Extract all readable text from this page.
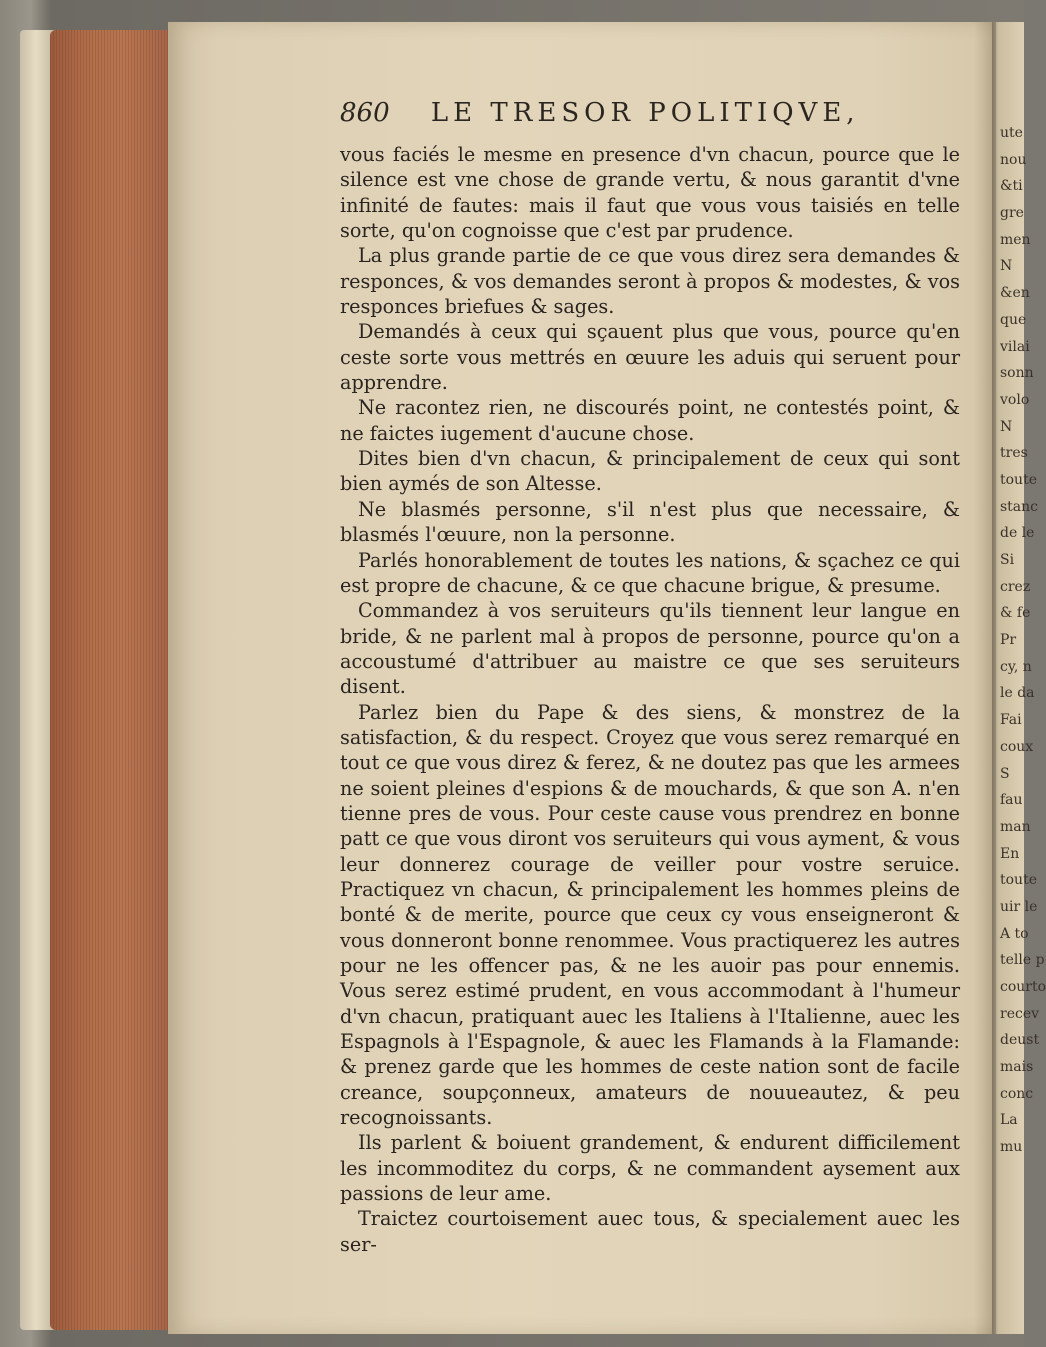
ute
nou
&ti
gre
men
N
&en
que
vilai
sonn
volo
N
tres
toute
stanc
de le
Si
crez
& fe
Pr
cy, n
le da
Fai
coux
S
fau
man
En
toute
uir le
A to
telle p
courto
recev
deust
mais
conc
La
mu
860 LE TRESOR POLITIQVE,

vous faciés le mesme en presence d'vn chacun, pource que le silence est vne chose de grande vertu, & nous garantit d'vne infinité de fautes: mais il faut que vous vous taisiés en telle sorte, qu'on cognoisse que c'est par prudence.

La plus grande partie de ce que vous direz sera demandes & responces, & vos demandes seront à propos & modestes, & vos responces briefues & sages.

Demandés à ceux qui sçauent plus que vous, pource qu'en ceste sorte vous mettrés en œuure les aduis qui seruent pour apprendre.

Ne racontez rien, ne discourés point, ne contestés point, & ne faictes iugement d'aucune chose.

Dites bien d'vn chacun, & principalement de ceux qui sont bien aymés de son Altesse.

Ne blasmés personne, s'il n'est plus que necessaire, & blasmés l'œuure, non la personne.

Parlés honorablement de toutes les nations, & sçachez ce qui est propre de chacune, & ce que chacune brigue, & presume.

Commandez à vos seruiteurs qu'ils tiennent leur langue en bride, & ne parlent mal à propos de personne, pource qu'on a accoustumé d'attribuer au maistre ce que ses seruiteurs disent.

Parlez bien du Pape & des siens, & monstrez de la satisfaction, & du respect. Croyez que vous serez remarqué en tout ce que vous direz & ferez, & ne doutez pas que les armees ne soient pleines d'espions & de mouchards, & que son A. n'en tienne pres de vous. Pour ceste cause vous prendrez en bonne patt ce que vous diront vos seruiteurs qui vous ayment, & vous leur donnerez courage de veiller pour vostre seruice. Practiquez vn chacun, & principalement les hommes pleins de bonté & de merite, pource que ceux cy vous enseigneront & vous donneront bonne renommee. Vous practiquerez les autres pour ne les offencer pas, & ne les auoir pas pour ennemis. Vous serez estimé prudent, en vous accommodant à l'humeur d'vn chacun, pratiquant auec les Italiens à l'Italienne, auec les Espagnols à l'Espagnole, & auec les Flamands à la Flamande: & prenez garde que les hommes de ceste nation sont de facile creance, soupçonneux, amateurs de nouueautez, & peu recognoissants.

Ils parlent & boiuent grandement, & endurent difficilement les incommoditez du corps, & ne commandent aysement aux passions de leur ame.

Traictez courtoisement auec tous, & specialement auec les ser-
